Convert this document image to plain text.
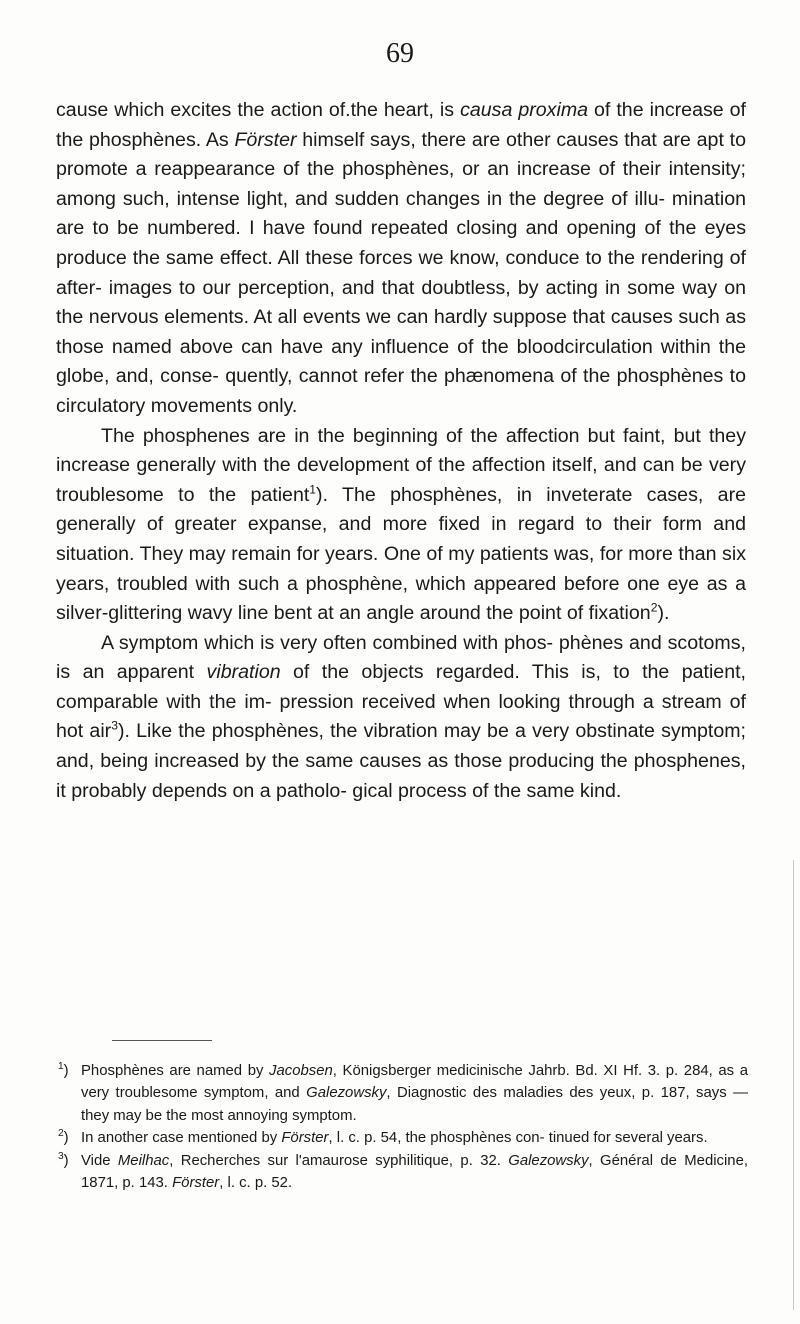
69

cause which excites the action of.the heart, is causa proxima of the increase of the phosphènes. As Förster himself says, there are other causes that are apt to promote a reappearance of the phosphènes, or an increase of their intensity; among such, intense light, and sudden changes in the degree of illu- mination are to be numbered. I have found repeated closing and opening of the eyes produce the same effect. All these forces we know, conduce to the rendering of after- images to our perception, and that doubtless, by acting in some way on the nervous elements. At all events we can hardly suppose that causes such as those named above can have any influence of the bloodcirculation within the globe, and, conse- quently, cannot refer the phænomena of the phosphènes to circulatory movements only.

The phosphenes are in the beginning of the affection but faint, but they increase generally with the development of the affection itself, and can be very troublesome to the patient$^1$). The phosphènes, in inveterate cases, are generally of greater expanse, and more fixed in regard to their form and situation. They may remain for years. One of my patients was, for more than six years, troubled with such a phosphène, which appeared before one eye as a silver-glittering wavy line bent at an angle around the point of fixation$^2$).

A symptom which is very often combined with phos- phènes and scotoms, is an apparent vibration of the objects regarded. This is, to the patient, comparable with the im- pression received when looking through a stream of hot air$^3$). Like the phosphènes, the vibration may be a very obstinate symptom; and, being increased by the same causes as those producing the phosphenes, it probably depends on a patholo- gical process of the same kind.

$^1$) Phosphènes are named by Jacobsen, Königsberger medicinische Jahrb. Bd. XI Hf. 3. p. 284, as a very troublesome symptom, and Galezowsky, Diagnostic des maladies des yeux, p. 187, says — they may be the most annoying symptom.
$^2$) In another case mentioned by Förster, l. c. p. 54, the phosphènes con- tinued for several years.
$^3$) Vide Meilhac, Recherches sur l'amaurose syphilitique, p. 32. Galezowsky, Général de Medicine, 1871, p. 143. Förster, l. c. p. 52.
